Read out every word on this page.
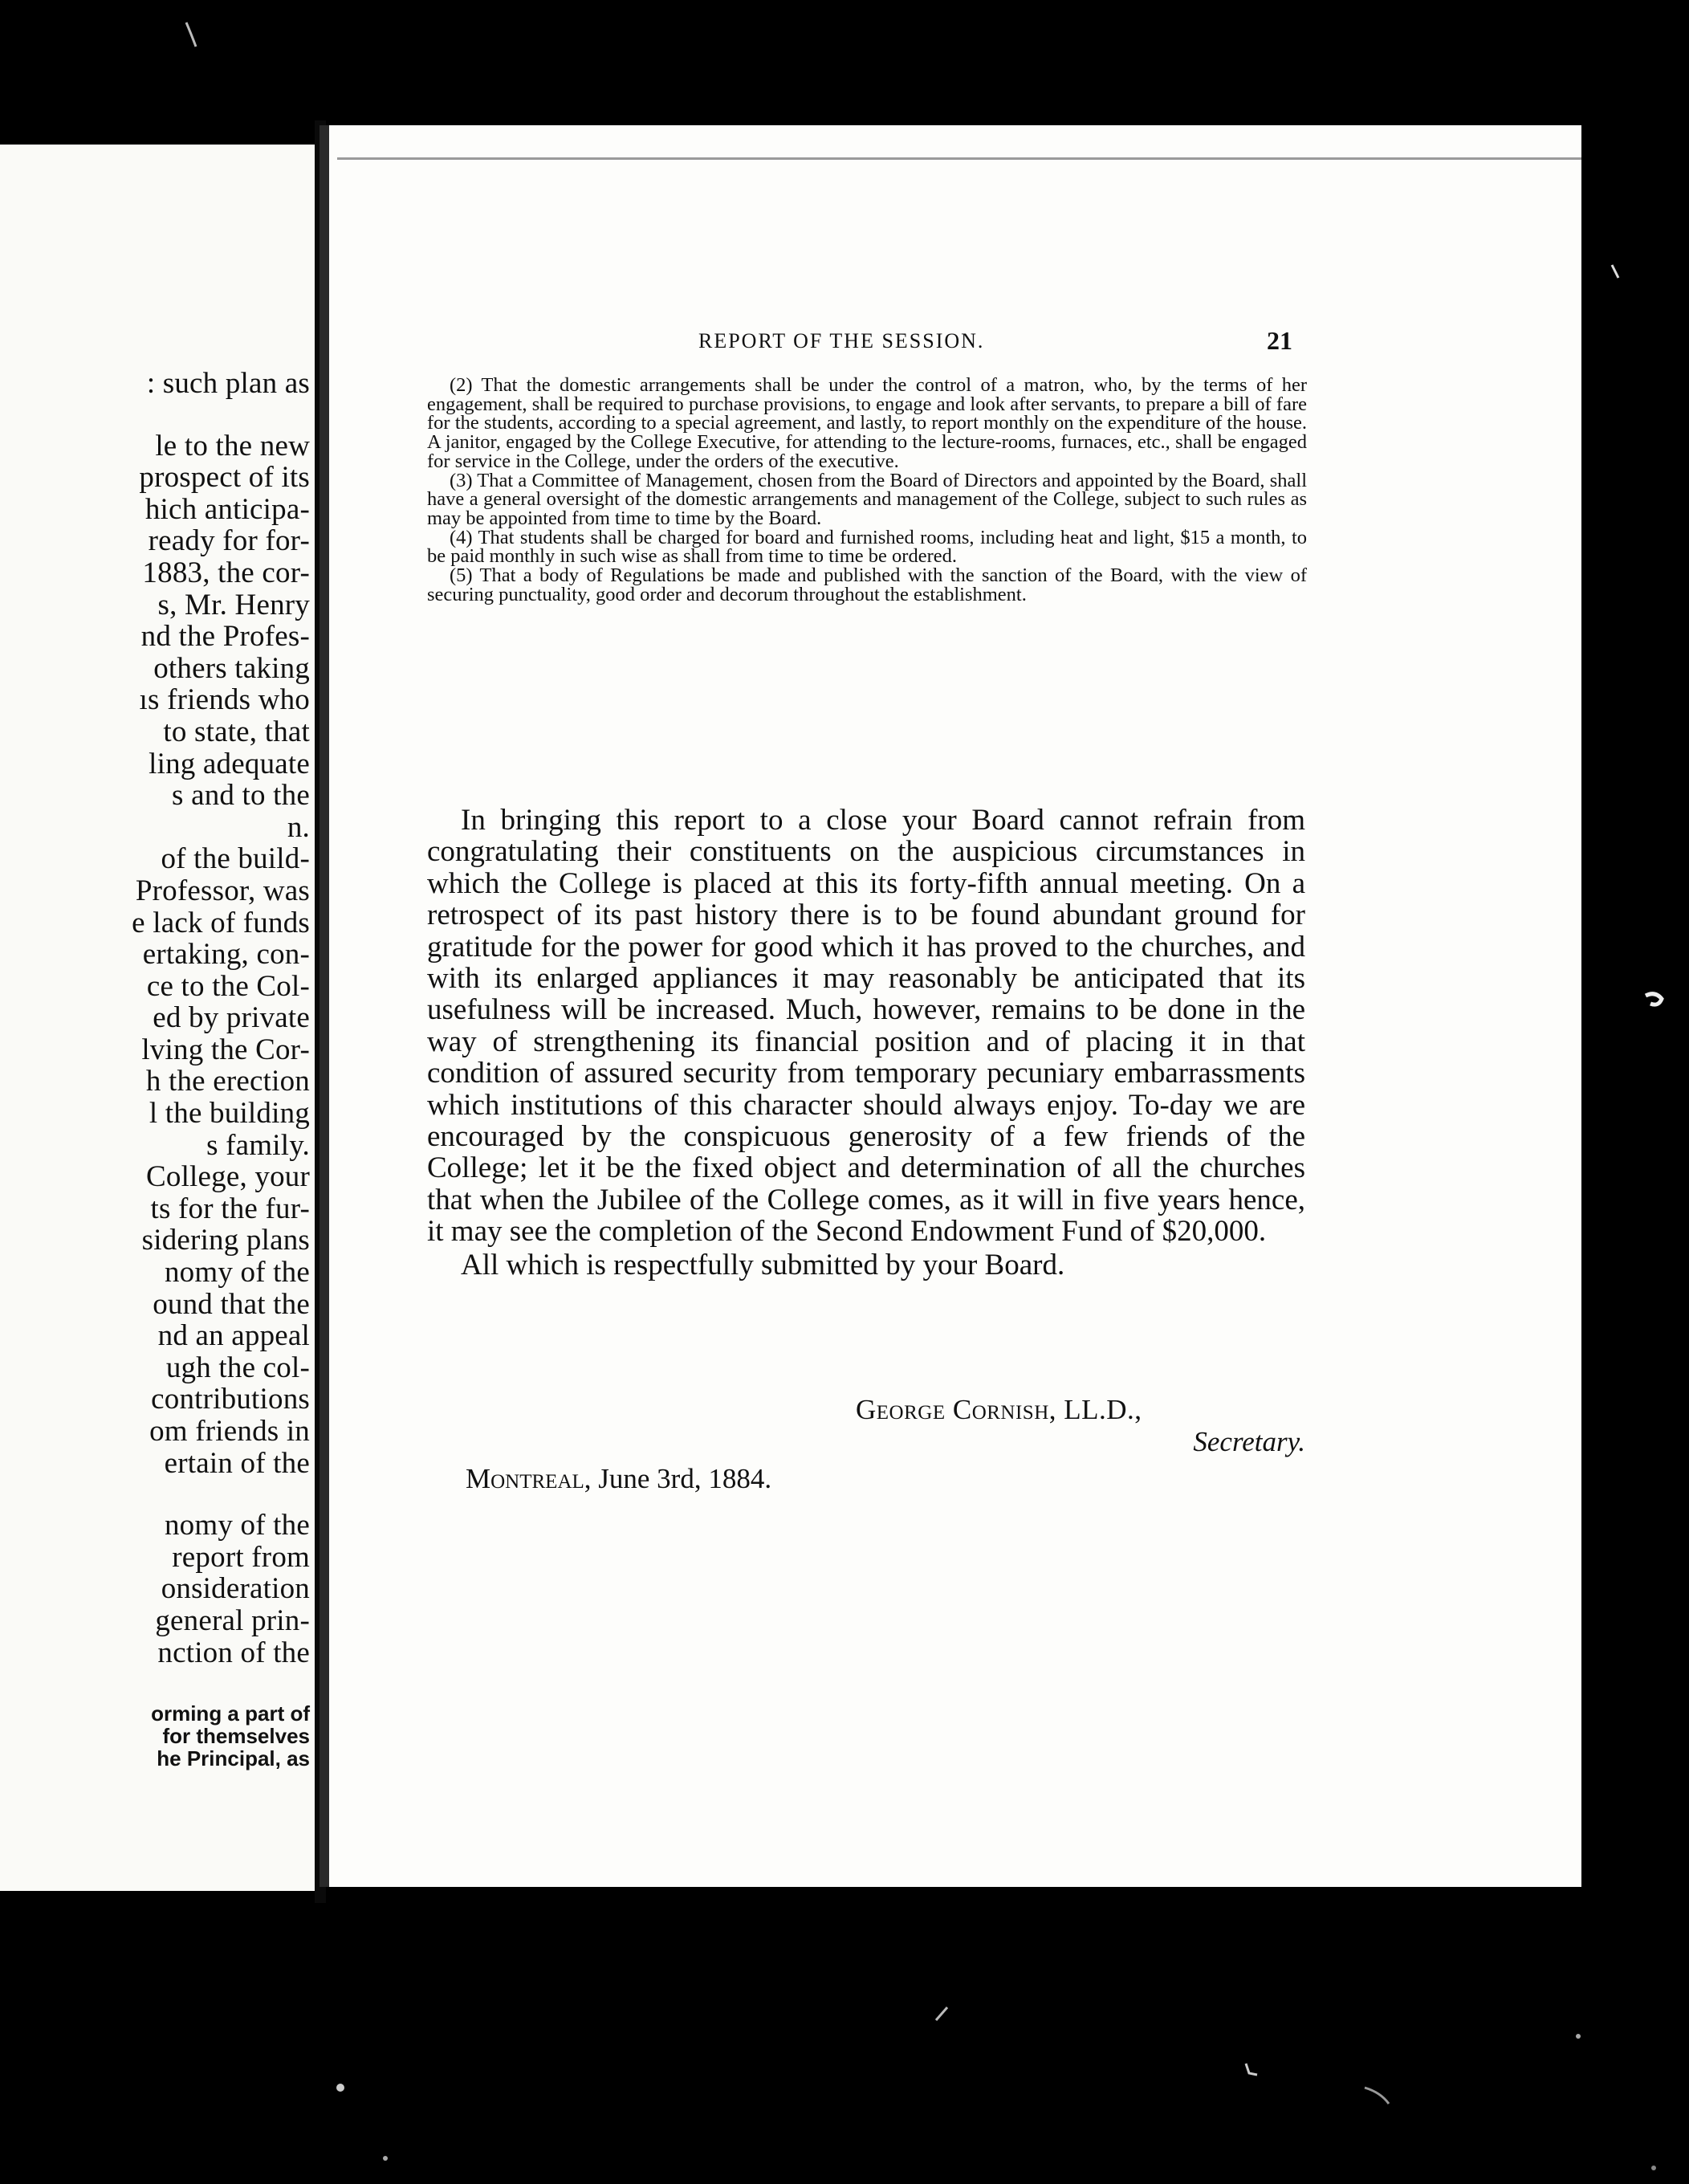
: such plan as
le to the new
prospect of its
hich anticipa-
ready for for-
1883, the cor-
s, Mr. Henry
nd the Profes-
others taking
ıs friends who
to state, that
ling adequate
s and to the
n.
of the build-
Professor, was
e lack of funds
ertaking, con-
ce to the Col-
ed by private
lving the Cor-
h the erection
l the building
s family.
College, your
ts for the fur-
sidering plans
nomy of the
ound that the
nd an appeal
ugh the col-
contributions
om friends in
ertain of the
nomy of the
report from
onsideration
general prin-
nction of the
orming a part of
for themselves
he Principal, as
REPORT OF THE SESSION.	21

(2) That the domestic arrangements shall be under the control of a matron, who, by the terms of her engagement, shall be required to purchase provisions, to engage and look after servants, to prepare a bill of fare for the students, according to a special agreement, and lastly, to report monthly on the expenditure of the house. A janitor, engaged by the College Executive, for attending to the lecture-rooms, furnaces, etc., shall be engaged for service in the College, under the orders of the executive.

(3) That a Committee of Management, chosen from the Board of Directors and appointed by the Board, shall have a general oversight of the domestic arrangements and management of the College, subject to such rules as may be appointed from time to time by the Board.

(4) That students shall be charged for board and furnished rooms, including heat and light, $15 a month, to be paid monthly in such wise as shall from time to time be ordered.

(5) That a body of Regulations be made and published with the sanction of the Board, with the view of securing punctuality, good order and decorum throughout the establishment.

In bringing this report to a close your Board cannot refrain from congratulating their constituents on the auspicious circumstances in which the College is placed at this its forty-fifth annual meeting. On a retrospect of its past history there is to be found abundant ground for gratitude for the power for good which it has proved to the churches, and with its enlarged appliances it may reasonably be anticipated that its usefulness will be increased. Much, however, remains to be done in the way of strengthening its financial position and of placing it in that condition of assured security from temporary pecuniary embarrassments which institutions of this character should always enjoy. To-day we are encouraged by the conspicuous generosity of a few friends of the College; let it be the fixed object and determination of all the churches that when the Jubilee of the College comes, as it will in five years hence, it may see the completion of the Second Endowment Fund of $20,000.

All which is respectfully submitted by your Board.

George Cornish, LL.D.,
Secretary.
Montreal, June 3rd, 1884.
